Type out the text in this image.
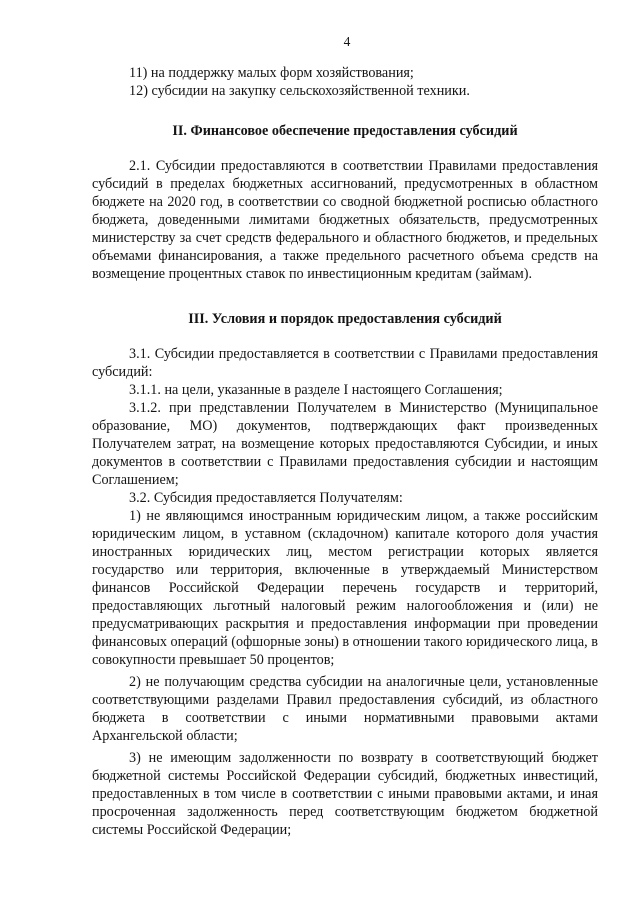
4

11) на поддержку малых форм хозяйствования;

12) субсидии на закупку сельскохозяйственной техники.

II. Финансовое обеспечение предоставления субсидий

2.1. Субсидии предоставляются в соответствии Правилами предоставления субсидий в пределах бюджетных ассигнований, предусмотренных в областном бюджете на 2020 год, в соответствии со сводной бюджетной росписью областного бюджета, доведенными лимитами бюджетных обязательств, предусмотренных министерству за счет средств федерального и областного бюджетов, и предельных объемами финансирования, а также предельного расчетного объема средств на возмещение процентных ставок по инвестиционным кредитам (займам).

III. Условия и порядок предоставления субсидий

3.1. Субсидии предоставляется в соответствии с Правилами предоставления субсидий:

3.1.1. на цели, указанные в разделе I настоящего Соглашения;

3.1.2. при представлении Получателем в Министерство (Муниципальное образование, МО) документов, подтверждающих факт произведенных Получателем затрат, на возмещение которых предоставляются Субсидии, и иных документов в соответствии с Правилами предоставления субсидии и настоящим Соглашением;

3.2. Субсидия предоставляется Получателям:

1) не являющимся иностранным юридическим лицом, а также российским юридическим лицом, в уставном (складочном) капитале которого доля участия иностранных юридических лиц, местом регистрации которых является государство или территория, включенные в утверждаемый Министерством финансов Российской Федерации перечень государств и территорий, предоставляющих льготный налоговый режим налогообложения и (или) не предусматривающих раскрытия и предоставления информации при проведении финансовых операций (офшорные зоны) в отношении такого юридического лица, в совокупности превышает 50 процентов;

2) не получающим средства субсидии на аналогичные цели, установленные соответствующими разделами Правил предоставления субсидий, из областного бюджета в соответствии с иными нормативными правовыми актами Архангельской области;

3) не имеющим задолженности по возврату в соответствующий бюджет бюджетной системы Российской Федерации субсидий, бюджетных инвестиций, предоставленных в том числе в соответствии с иными правовыми актами, и иная просроченная задолженность перед соответствующим бюджетом бюджетной системы Российской Федерации;
